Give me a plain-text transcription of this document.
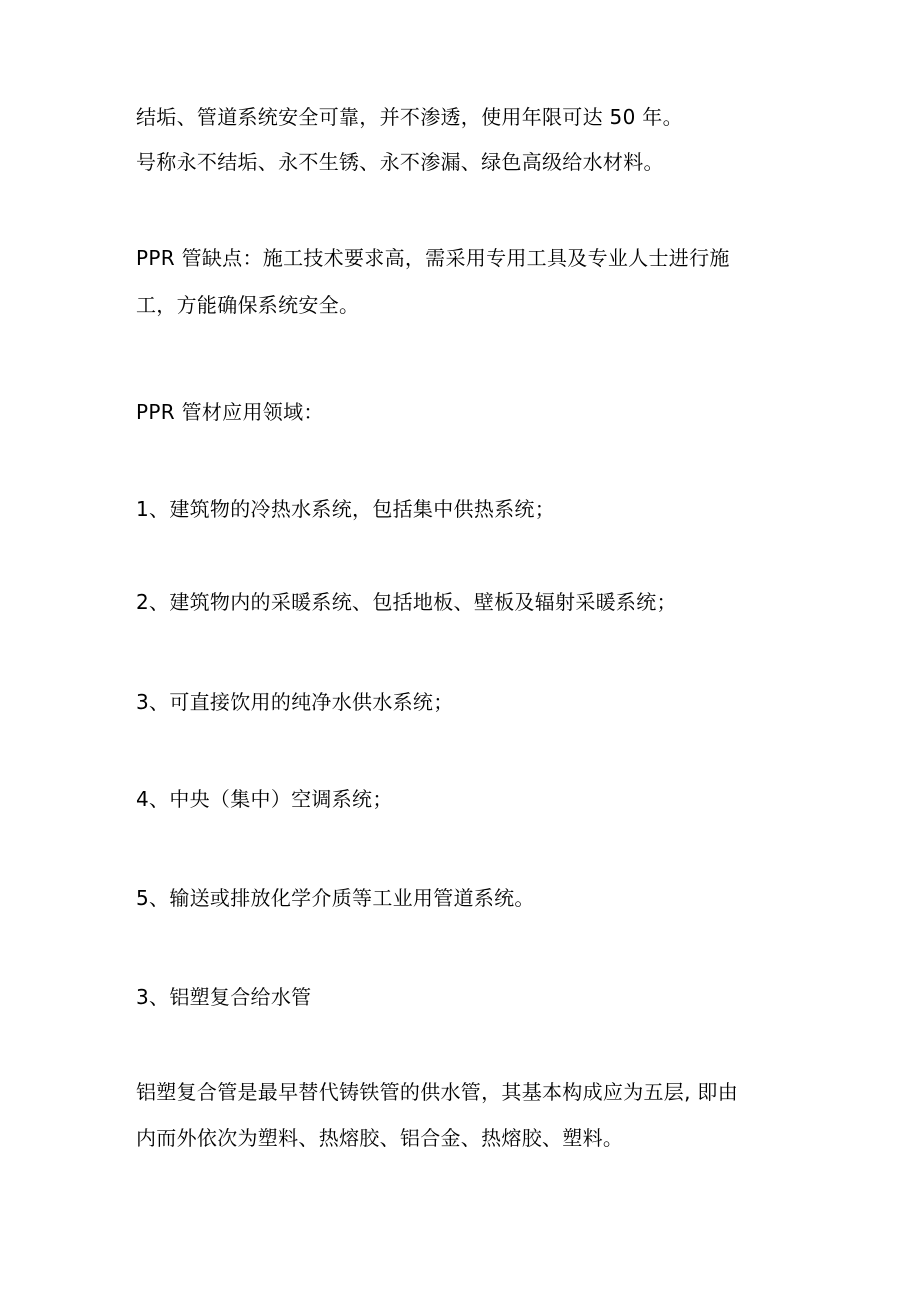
结垢、管道系统安全可靠，并不渗透，使用年限可达 50 年。
号称永不结垢、永不生锈、永不渗漏、绿色高级给水材料。
PPR 管缺点：施工技术要求高，需采用专用工具及专业人士进行施
工，方能确保系统安全。
PPR 管材应用领域：
1、建筑物的冷热水系统，包括集中供热系统；
2、建筑物内的采暖系统、包括地板、壁板及辐射采暖系统；
3、可直接饮用的纯净水供水系统；
4、中央（集中）空调系统；
5、输送或排放化学介质等工业用管道系统。
3、铝塑复合给水管
铝塑复合管是最早替代铸铁管的供水管，其基本构成应为五层, 即由
内而外依次为塑料、热熔胶、铝合金、热熔胶、塑料。
